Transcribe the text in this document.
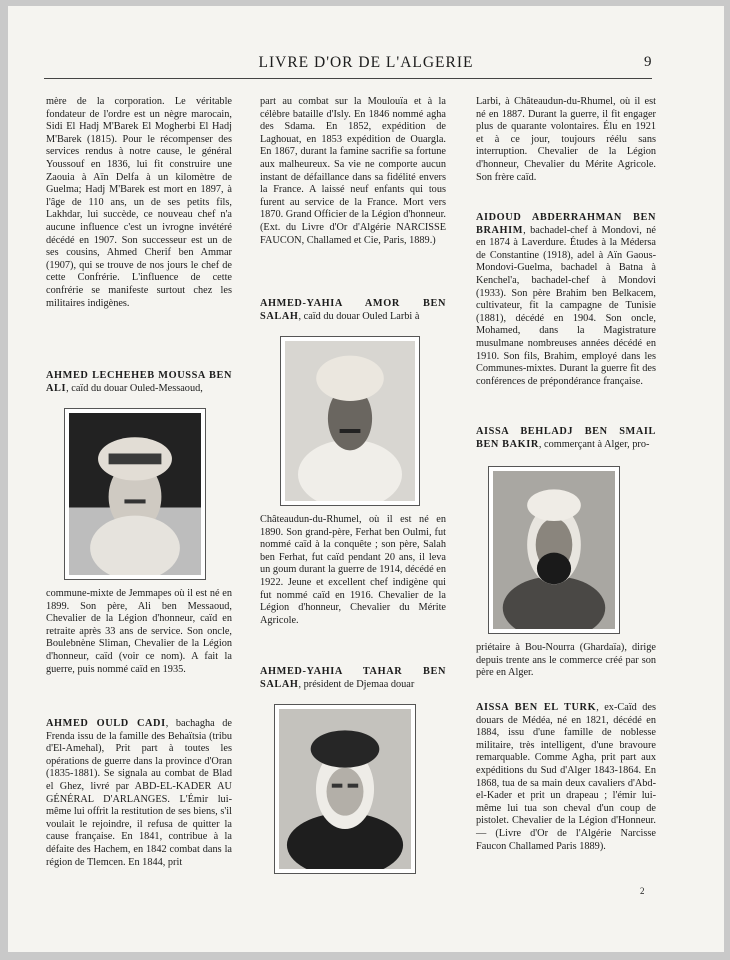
LIVRE D'OR DE L'ALGERIE	9

mère de la corporation. Le véritable fondateur de l'ordre est un nègre marocain, Sidi El Hadj M'Barek El Mogherbi El Hadj M'Barek (1815). Pour le récompenser des services rendus à notre cause, le général Youssouf en 1836, lui fit construire une Zaouia à Aïn Delfa à un kilomètre de Guelma; Hadj M'Barek est mort en 1897, à l'âge de 110 ans, un de ses petits fils, Lakhdar, lui succède, ce nouveau chef n'a aucune influence c'est un ivrogne invétéré décédé en 1907. Son successeur est un de ses cousins, Ahmed Cherif ben Ammar (1907), qui se trouve de nos jours le chef de cette Confrérie. L'influence de cette confrérie se manifeste surtout chez les militaires indigènes.

AHMED LECHEHEB MOUSSA BEN ALI, caïd du douar Ouled-Messaoud,

commune-mixte de Jemmapes où il est né en 1899. Son père, Ali ben Messaoud, Chevalier de la Légion d'honneur, caïd en retraite après 33 ans de service. Son oncle, Boulebnène Sliman, Chevalier de la Légion d'honneur, caïd (voir ce nom). A fait la guerre, puis nommé caïd en 1935.

AHMED OULD CADI, bachagha de Frenda issu de la famille des Behaïtsia (tribu d'El-Amehal), Prit part à toutes les opérations de guerre dans la province d'Oran (1835-1881). Se signala au combat de Blad el Ghez, livré par ABD-EL-KADER AU GÉNÉRAL D'ARLANGES. L'Émir lui-même lui offrit la restitution de ses biens, s'il voulait le rejoindre, il refusa de quitter la cause française. En 1841, contribue à la défaite des Hachem, en 1842 combat dans la région de Tlemcen. En 1844, prit

part au combat sur la Moulouïa et à la célèbre bataille d'Isly. En 1846 nommé agha des Sdama. En 1852, expédition de Laghouat, en 1853 expédition de Ouargla. En 1867, durant la famine sacrifie sa fortune aux malheureux. Sa vie ne comporte aucun instant de défaillance dans sa fidélité envers la France. A laissé neuf enfants qui tous furent au service de la France. Mort vers 1870. Grand Officier de la Légion d'honneur. (Ext. du Livre d'Or d'Algérie NARCISSE FAUCON, Challamed et Cie, Paris, 1889.)

AHMED-YAHIA AMOR BEN SALAH, caïd du douar Ouled Larbi à

Châteaudun-du-Rhumel, où il est né en 1890. Son grand-père, Ferhat ben Oulmi, fut nommé caïd à la conquête ; son père, Salah ben Ferhat, fut caïd pendant 20 ans, il leva un goum durant la guerre de 1914, décédé en 1922. Jeune et excellent chef indigène qui fut nommé caïd en 1916. Chevalier de la Légion d'honneur, Chevalier du Mérite Agricole.

AHMED-YAHIA TAHAR BEN SALAH, président de Djemaa douar

Larbi, à Châteaudun-du-Rhumel, où il est né en 1887. Durant la guerre, il fit engager plus de quarante volontaires. Élu en 1921 et à ce jour, toujours réélu sans interruption. Chevalier de la Légion d'honneur, Chevalier du Mérite Agricole. Son frère caïd.

AIDOUD ABDERRAHMAN BEN BRAHIM, bachadel-chef à Mondovi, né en 1874 à Laverdure. Études à la Médersa de Constantine (1918), adel à Aïn Gaous-Mondovi-Guelma, bachadel à Batna à Kenchel'a, bachadel-chef à Mondovi (1933). Son père Brahim ben Belkacem, cultivateur, fit la campagne de Tunisie (1881), décédé en 1904. Son oncle, Mohamed, dans la Magistrature musulmane nombreuses années décédé en 1910. Son fils, Brahim, employé dans les Communes-mixtes. Durant la guerre fit des conférences de prépondérance française.

AISSA BEHLADJ BEN SMAIL BEN BAKIR, commerçant à Alger, pro-

priétaire à Bou-Nourra (Ghardaïa), dirige depuis trente ans le commerce créé par son père en Alger.

AISSA BEN EL TURK, ex-Caïd des douars de Médéa, né en 1821, décédé en 1884, issu d'une famille de noblesse militaire, très intelligent, d'une bravoure remarquable. Comme Agha, prit part aux expéditions du Sud d'Alger 1843-1864. En 1868, tua de sa main deux cavaliers d'Abd-el-Kader et prit un drapeau ; l'émir lui-même lui tua son cheval d'un coup de pistolet. Chevalier de la Légion d'Honneur. — (Livre d'Or de l'Algérie Narcisse Faucon Challamed Paris 1889).

2
